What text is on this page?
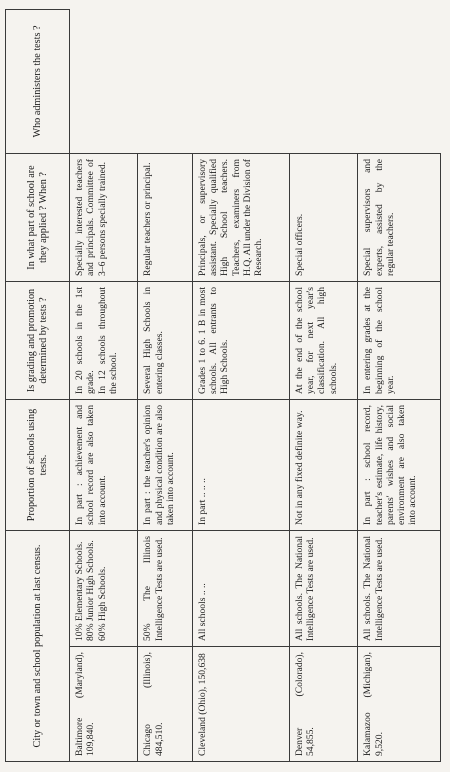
City or town and school population at last census.		Proportion of schools using tests.	Is grading and promotion determined by tests ?	In what part of school are they applied ? When ?	Who administers the tests ?
Baltimore (Maryland), 109,840.	10% Elementary Schools. 80% Junior High Schools. 60% High Schools.	In part : achievement and school record are also taken into account.	In 20 schools in the 1st grade. In 12 schools throughout the school.	Specially interested teachers and principals. Committee of 3–6 persons specially trained.	
Chicago (Illinois), 484,510.	50% The Illinois Intelligence Tests are used.	In part : the teacher's opinion and physical condition are also taken into account.	Several High Schools in entering classes.	Regular teachers or principal.	
Cleveland (Ohio), 150,638	All schools .. ..	In part .. .. ..	Grades 1 to 6. 1 B in most schools. All entrants to High Schools.	Principals, or supervisory assistant. Specially qualified High School teachers. Teachers, examiners from H.Q. All under the Division of Research.	
Denver (Colorado), 54,855.	All schools. The National Intelligence Tests are used.	Not in any fixed definite way.	At the end of the school year, for next year's classification. All high schools.	Special officers.	
Kalamazoo (Michigan), 9,520.	All schools. The National Intelligence Tests are used.	In part : school record, teacher's estimate, life history, parents' wishes and social environment are also taken into account.	In entering grades at the beginning of the school year.	Special supervisors and experts, assisted by the regular teachers.	
